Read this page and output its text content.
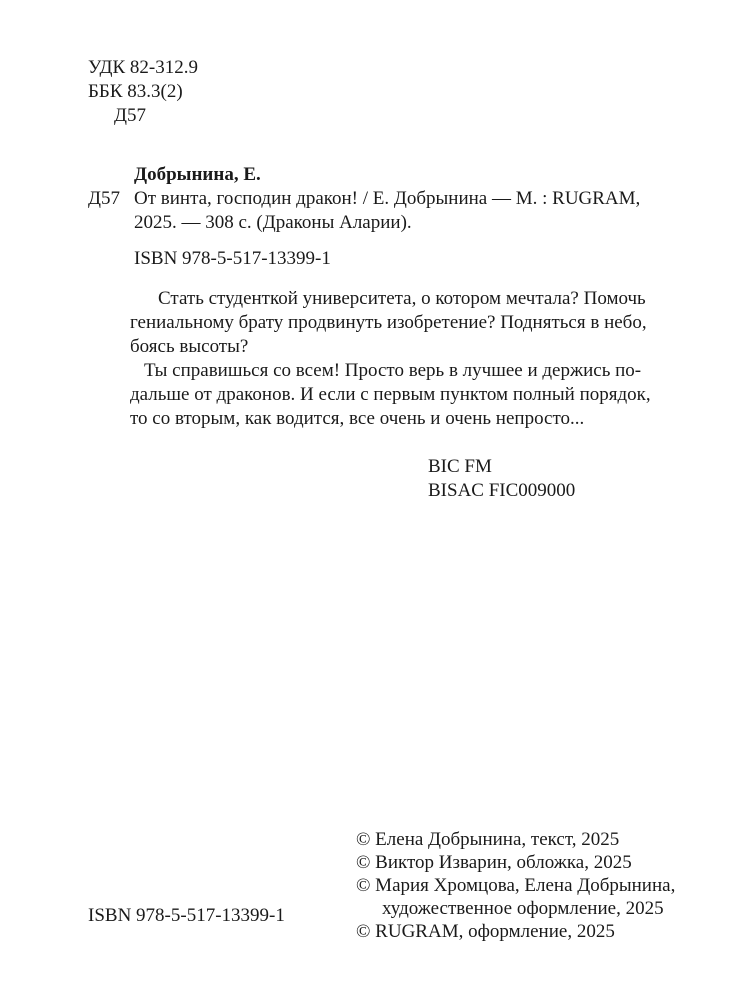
УДК 82-312.9
ББК 83.3(2)
Д57
Добрынина, Е.
Д57 От винта, господин дракон! / Е. Добрынина — М. : RUGRAM,
2025. — 308 с. (Драконы Аларии).
ISBN 978-5-517-13399-1
Стать студенткой университета, о котором мечтала? Помочь
гениальному брату продвинуть изобретение? Подняться в небо,
боясь высоты?
Ты справишься со всем! Просто верь в лучшее и держись по-
дальше от драконов. И если с первым пунктом полный порядок,
то со вторым, как водится, все очень и очень непросто...
BIC FM
BISAC FIC009000
ISBN 978-5-517-13399-1
© Елена Добрынина, текст, 2025
© Виктор Изварин, обложка, 2025
© Мария Хромцова, Елена Добрынина,
художественное оформление, 2025
© RUGRAM, оформление, 2025
